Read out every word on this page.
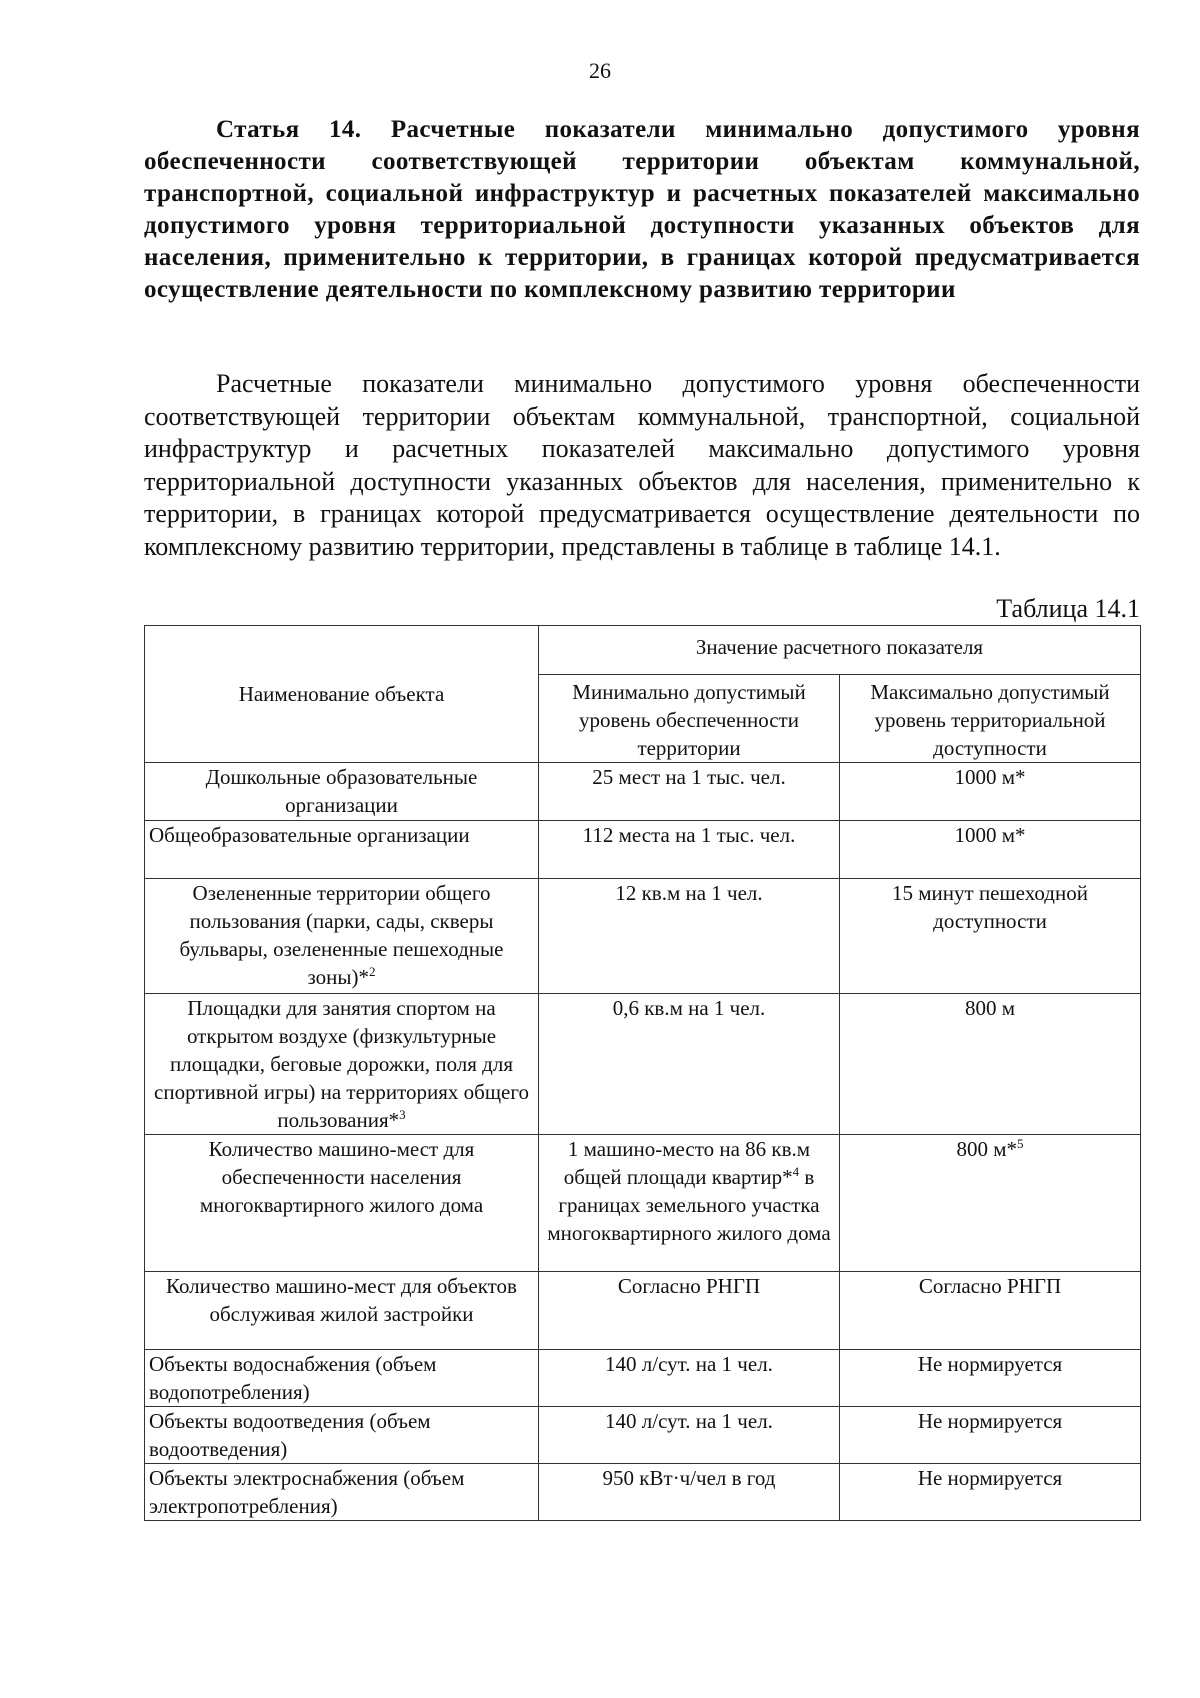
26

Статья 14. Расчетные показатели минимально допустимого уровня обеспеченности соответствующей территории объектам коммунальной, транспортной, социальной инфраструктур и расчетных показателей максимально допустимого уровня территориальной доступности указанных объектов для населения, применительно к территории, в границах которой предусматривается осуществление деятельности по комплексному развитию территории

Расчетные показатели минимально допустимого уровня обеспеченности соответствующей территории объектам коммунальной, транспортной, социальной инфраструктур и расчетных показателей максимально допустимого уровня территориальной доступности указанных объектов для населения, применительно к территории, в границах которой предусматривается осуществление деятельности по комплексному развитию территории, представлены в таблице в таблице 14.1.

Таблица 14.1
Наименование объекта	Значение расчетного показателя	
	Минимально допустимый уровень обеспеченности территории	Максимально допустимый уровень территориальной доступности
Дошкольные образовательные организации	25 мест на 1 тыс. чел.	1000 м*
Общеобразовательные организации	112 места на 1 тыс. чел.	1000 м*
Озелененные территории общего пользования (парки, сады, скверы бульвары, озелененные пешеходные зоны)*$^2$	12 кв.м на 1 чел.	15 минут пешеходной доступности
Площадки для занятия спортом на открытом воздухе (физкультурные площадки, беговые дорожки, поля для спортивной игры) на территориях общего пользования*$^3$	0,6 кв.м на 1 чел.	800 м
Количество машино-мест для обеспеченности населения многоквартирного жилого дома	1 машино-место на 86 кв.м общей площади квартир*$^4$ в границах земельного участка многоквартирного жилого дома	800 м*$^5$
Количество машино-мест для объектов обслуживая жилой застройки	Согласно РНГП	Согласно РНГП
Объекты водоснабжения (объем водопотребления)	140 л/сут. на 1 чел.	Не нормируется
Объекты водоотведения (объем водоотведения)	140 л/сут. на 1 чел.	Не нормируется
Объекты электроснабжения (объем электропотребления)	950 кВт·ч/чел в год	Не нормируется
